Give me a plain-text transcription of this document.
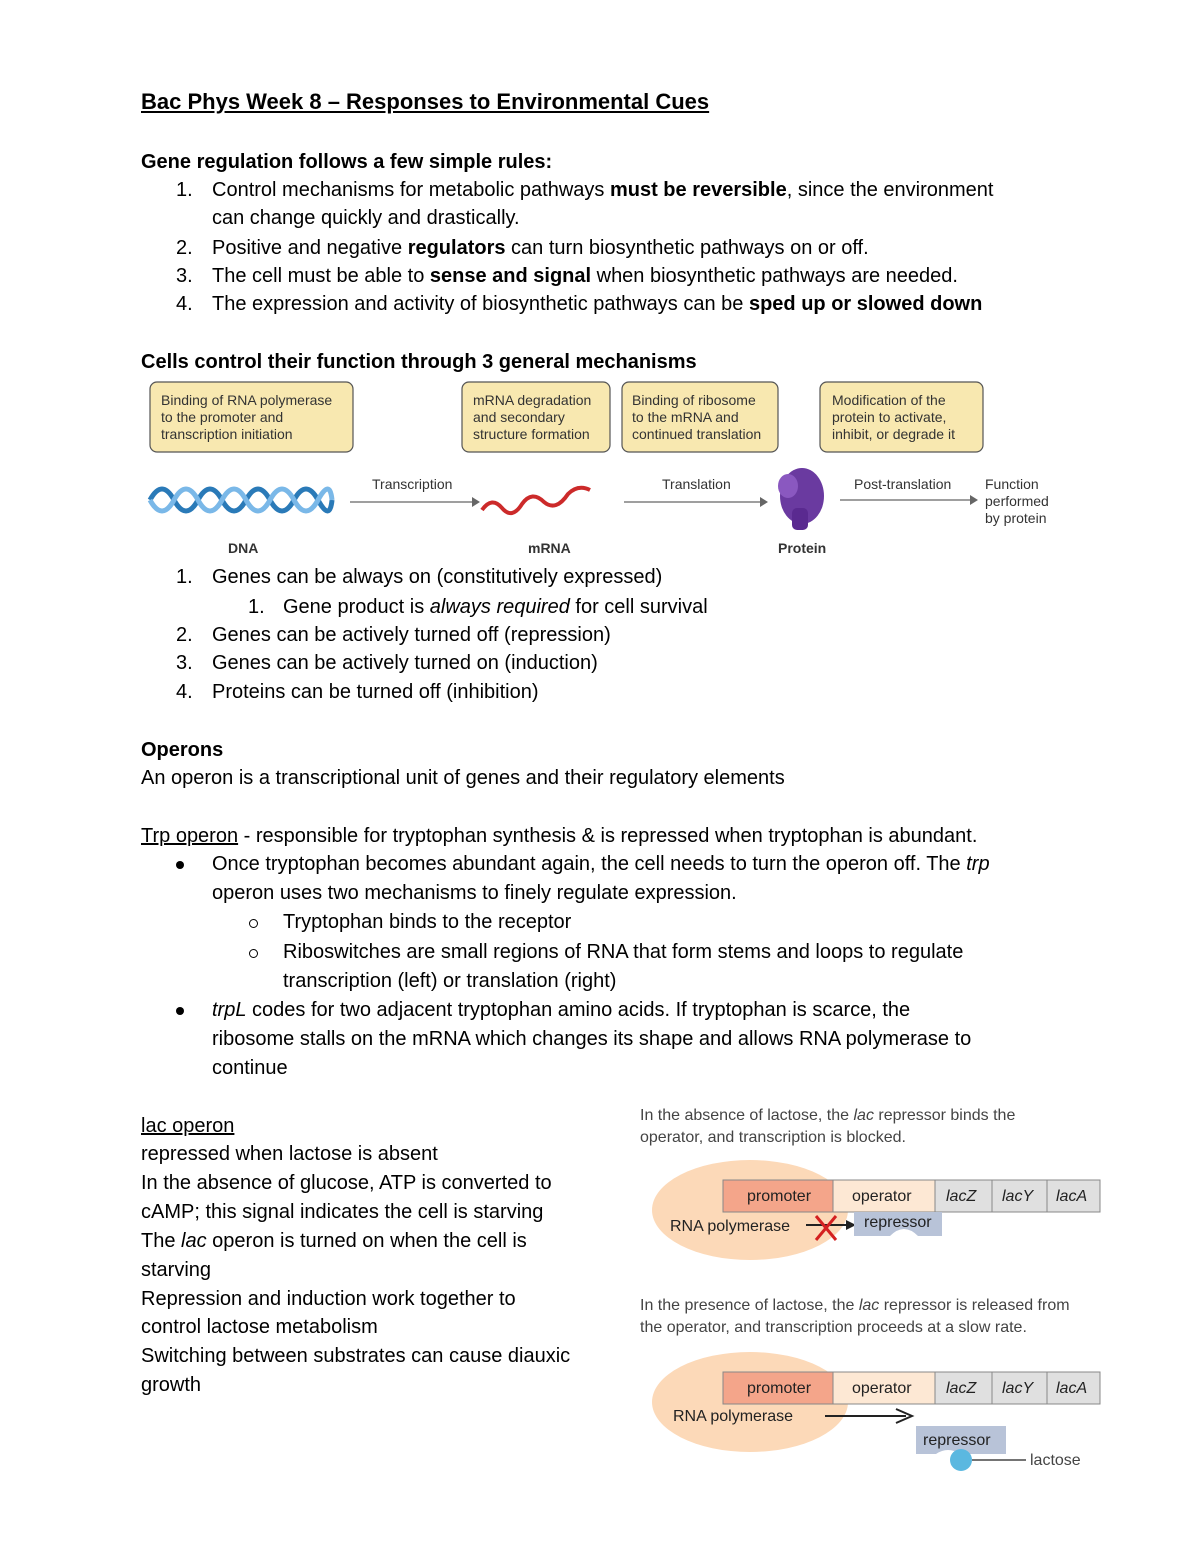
Bac Phys Week 8 – Responses to Environmental Cues
Gene regulation follows a few simple rules:
1. Control mechanisms for metabolic pathways must be reversible, since the environment
can change quickly and drastically.
2. Positive and negative regulators can turn biosynthetic pathways on or off.
3. The cell must be able to sense and signal when biosynthetic pathways are needed.
4. The expression and activity of biosynthetic pathways can be sped up or slowed down
Cells control their function through 3 general mechanisms
Binding of RNA polymerase
to the promoter and
transcription initiation
mRNA degradation
and secondary
structure formation
Binding of ribosome
to the mRNA and
continued translation
Modification of the
protein to activate,
inhibit, or degrade it
DNA
Transcription
mRNA
Translation
Protein
Post-translation Function
performed
by protein
1. Genes can be always on (constitutively expressed)
1. Gene product is always required for cell survival
2. Genes can be actively turned off (repression)
3. Genes can be actively turned on (induction)
4. Proteins can be turned off (inhibition)
Operons
An operon is a transcriptional unit of genes and their regulatory elements
Trp operon - responsible for tryptophan synthesis & is repressed when tryptophan is abundant.
Once tryptophan becomes abundant again, the cell needs to turn the operon off. The trp
operon uses two mechanisms to finely regulate expression.
Tryptophan binds to the receptor
Riboswitches are small regions of RNA that form stems and loops to regulate
transcription (left) or translation (right)
trpL codes for two adjacent tryptophan amino acids. If tryptophan is scarce, the
ribosome stalls on the mRNA which changes its shape and allows RNA polymerase to
continue
lac operon
repressed when lactose is absent
In the absence of glucose, ATP is converted to
cAMP; this signal indicates the cell is starving
The lac operon is turned on when the cell is
starving
Repression and induction work together to
control lactose metabolism
Switching between substrates can cause diauxic
growth
In the absence of lactose, the lac repressor binds the
operator, and transcription is blocked.
promoter	operator lacZ lacY lacA
RNA polymerase	repressor
In the presence of lactose, the lac repressor is released from
the operator, and transcription proceeds at a slow rate.
promoter	operator lacZ lacY lacA
RNA polymerase
repressor
lactose
